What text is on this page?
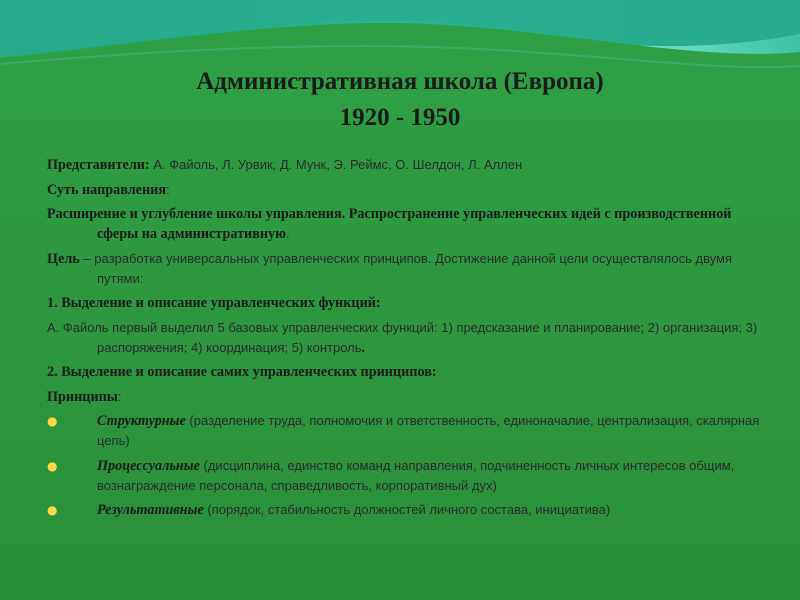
Административная школа (Европа)
1920 - 1950

Представители: А. Файоль, Л. Урвик, Д. Мунк, Э. Реймс, О. Шелдон, Л. Аллен

Суть направления:

Расширение и углубление школы управления. Распространение управленческих идей с производственной сферы на административную.

Цель – разработка универсальных управленческих принципов. Достижение данной цели осуществлялось двумя путями:

1. Выделение и описание управленческих функций:

А. Файоль первый выделил 5 базовых управленческих функций: 1) предсказание и планирование; 2) организация; 3) распоряжения; 4) координация; 5) контроль.

2. Выделение и описание самих управленческих принципов:

Принципы:

●	Структурные (разделение труда, полномочия и ответственность, единоначалие, централизация, скалярная цепь)
●	Процессуальные (дисциплина, единство команд направления, подчиненность личных интересов общим, вознаграждение персонала, справедливость, корпоративный дух)
●	Результативные (порядок, стабильность должностей личного состава, инициатива)
